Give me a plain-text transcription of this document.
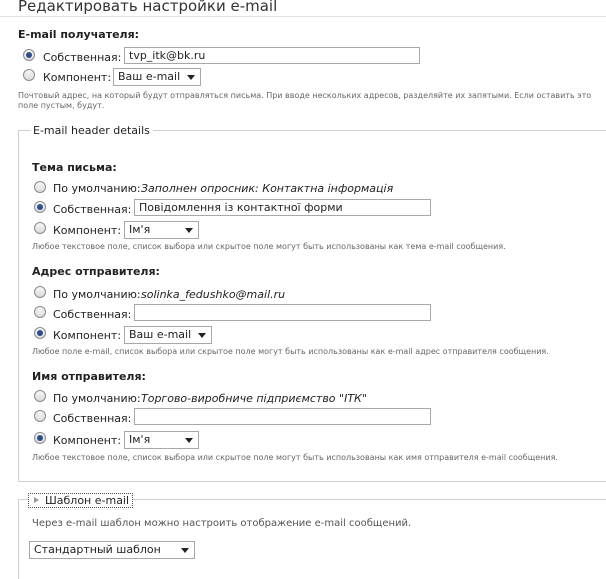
Редактировать настройки e-mail
E-mail получателя:
Собственная: tvp_itk@bk.ru
Компонент: Ваш e-mail
Почтовый адрес, на который будут отправляться письма. При вводе нескольких адресов, разделяйте их запятыми. Если оставить это поле пустым, будут.
E-mail header details
Тема письма:
По умолчанию: Заполнен опросник: Контактна інформація
Собственная: Повідомлення із контактної форми
Компонент: Ім'я
Любое текстовое поле, список выбора или скрытое поле могут быть использованы как тема e-mail сообщения.
Адрес отправителя:
По умолчанию: solinka_fedushko@mail.ru
Собственная:
Компонент: Ваш e-mail
Любое поле e-mail, список выбора или скрытое поле могут быть использованы как e-mail адрес отправителя сообщения.
Имя отправителя:
По умолчанию: Торгово-виробниче підприємство "ІТК"
Собственная:
Компонент: Ім'я
Любое текстовое поле, список выбора или скрытое поле могут быть использованы как имя отправителя e-mail сообщения.
Шаблон e-mail
Через e-mail шаблон можно настроить отображение e-mail сообщений.
Стандартный шаблон
